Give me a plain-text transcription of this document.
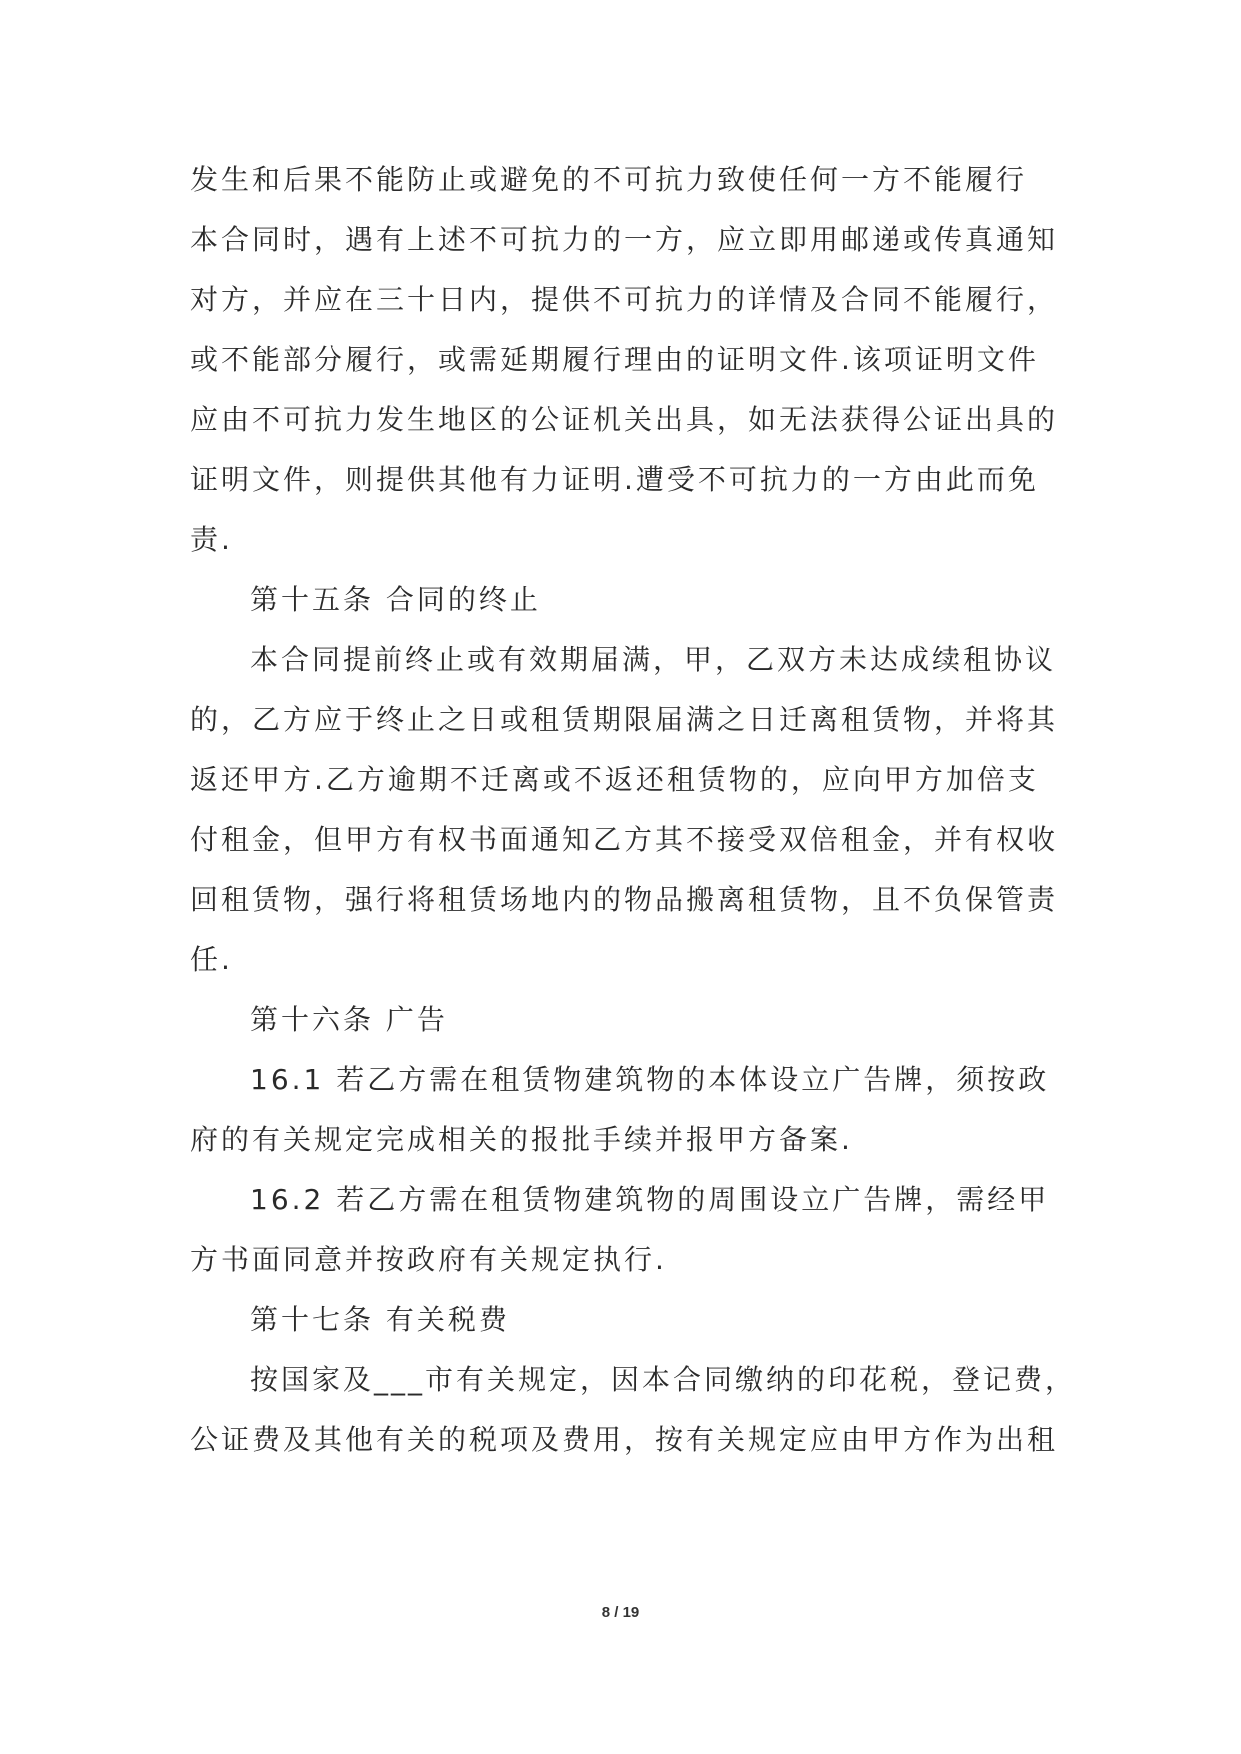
发生和后果不能防止或避免的不可抗力致使任何一方不能履行
本合同时，遇有上述不可抗力的一方，应立即用邮递或传真通知
对方，并应在三十日内，提供不可抗力的详情及合同不能履行，
或不能部分履行，或需延期履行理由的证明文件.该项证明文件
应由不可抗力发生地区的公证机关出具，如无法获得公证出具的
证明文件，则提供其他有力证明.遭受不可抗力的一方由此而免
责.
第十五条 合同的终止
本合同提前终止或有效期届满，甲，乙双方未达成续租协议
的，乙方应于终止之日或租赁期限届满之日迁离租赁物，并将其
返还甲方.乙方逾期不迁离或不返还租赁物的，应向甲方加倍支
付租金，但甲方有权书面通知乙方其不接受双倍租金，并有权收
回租赁物，强行将租赁场地内的物品搬离租赁物，且不负保管责
任.
第十六条 广告
16.1 若乙方需在租赁物建筑物的本体设立广告牌，须按政
府的有关规定完成相关的报批手续并报甲方备案.
16.2 若乙方需在租赁物建筑物的周围设立广告牌，需经甲
方书面同意并按政府有关规定执行.
第十七条 有关税费
按国家及___市有关规定，因本合同缴纳的印花税，登记费，
公证费及其他有关的税项及费用，按有关规定应由甲方作为出租
8 / 19
